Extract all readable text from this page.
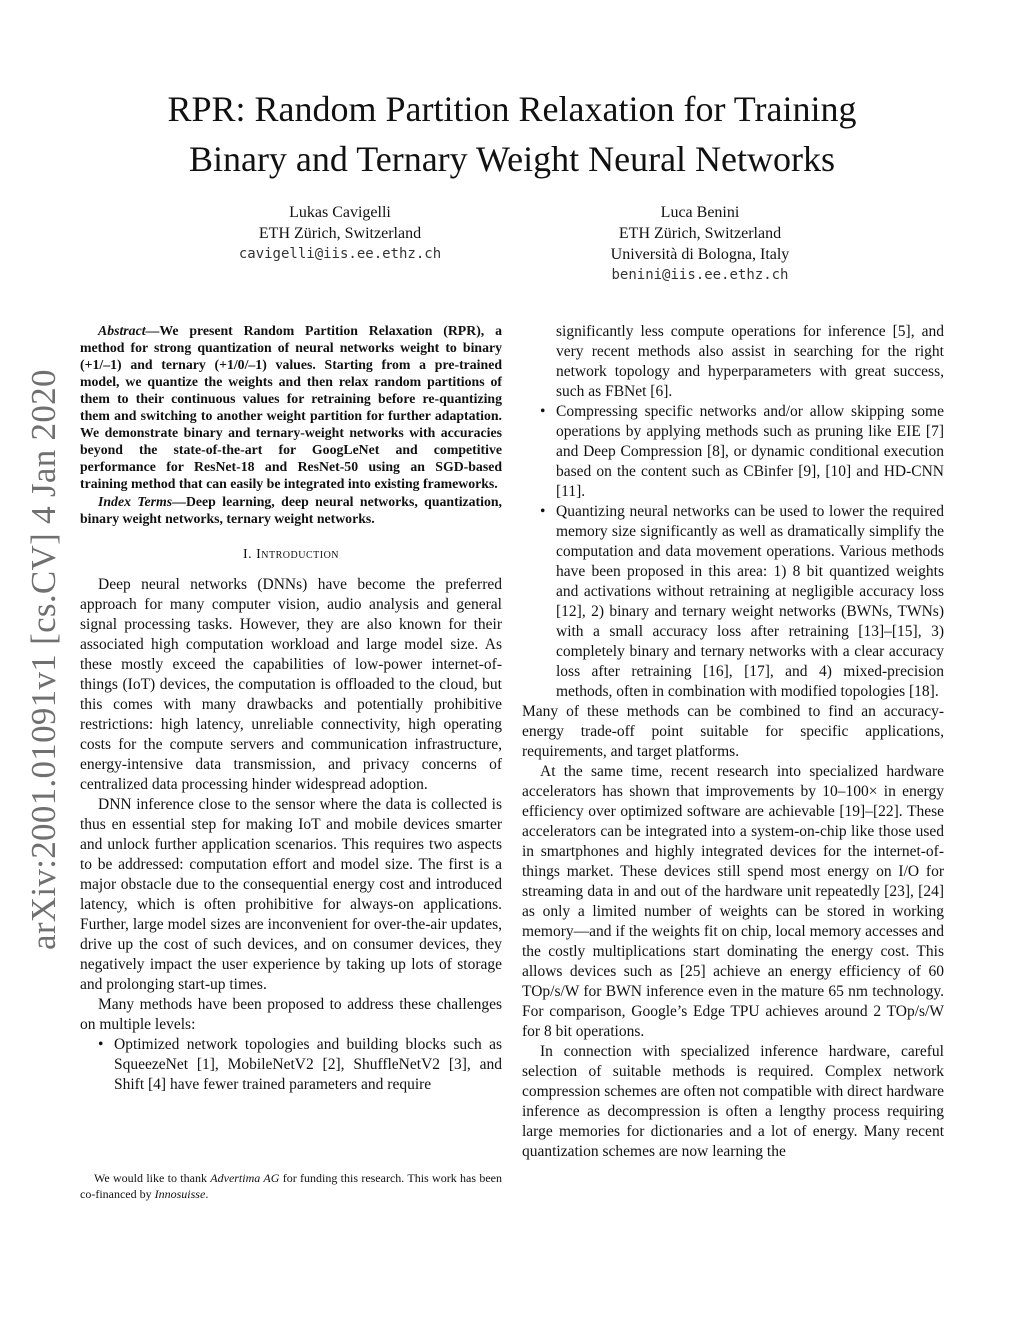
RPR: Random Partition Relaxation for Training
Binary and Ternary Weight Neural Networks
Lukas Cavigelli
ETH Zürich, Switzerland
cavigelli@iis.ee.ethz.ch
Luca Benini
ETH Zürich, Switzerland
Università di Bologna, Italy
benini@iis.ee.ethz.ch
arXiv:2001.01091v1 [cs.CV] 4 Jan 2020

Abstract—We present Random Partition Relaxation (RPR), a method for strong quantization of neural networks weight to binary (+1/–1) and ternary (+1/0/–1) values. Starting from a pre-trained model, we quantize the weights and then relax random partitions of them to their continuous values for retraining before re-quantizing them and switching to another weight partition for further adaptation. We demonstrate binary and ternary-weight networks with accuracies beyond the state-of-the-art for GoogLeNet and competitive performance for ResNet-18 and ResNet-50 using an SGD-based training method that can easily be integrated into existing frameworks.

Index Terms—Deep learning, deep neural networks, quantization, binary weight networks, ternary weight networks.

I. Introduction

Deep neural networks (DNNs) have become the preferred approach for many computer vision, audio analysis and general signal processing tasks. However, they are also known for their associated high computation workload and large model size. As these mostly exceed the capabilities of low-power internet-of-things (IoT) devices, the computation is offloaded to the cloud, but this comes with many drawbacks and potentially prohibitive restrictions: high latency, unreliable connectivity, high operating costs for the compute servers and communication infrastructure, energy-intensive data transmission, and privacy concerns of centralized data processing hinder widespread adoption.

DNN inference close to the sensor where the data is collected is thus en essential step for making IoT and mobile devices smarter and unlock further application scenarios. This requires two aspects to be addressed: computation effort and model size. The first is a major obstacle due to the consequential energy cost and introduced latency, which is often prohibitive for always-on applications. Further, large model sizes are inconvenient for over-the-air updates, drive up the cost of such devices, and on consumer devices, they negatively impact the user experience by taking up lots of storage and prolonging start-up times.

Many methods have been proposed to address these challenges on multiple levels:

• Optimized network topologies and building blocks such as SqueezeNet [1], MobileNetV2 [2], ShuffleNetV2 [3], and Shift [4] have fewer trained parameters and require
We would like to thank Advertima AG for funding this research. This work has been co-financed by Innosuisse.
significantly less compute operations for inference [5], and very recent methods also assist in searching for the right network topology and hyperparameters with great success, such as FBNet [6].
• Compressing specific networks and/or allow skipping some operations by applying methods such as pruning like EIE [7] and Deep Compression [8], or dynamic conditional execution based on the content such as CBinfer [9], [10] and HD-CNN [11].
• Quantizing neural networks can be used to lower the required memory size significantly as well as dramatically simplify the computation and data movement operations. Various methods have been proposed in this area: 1) 8 bit quantized weights and activations without retraining at negligible accuracy loss [12], 2) binary and ternary weight networks (BWNs, TWNs) with a small accuracy loss after retraining [13]–[15], 3) completely binary and ternary networks with a clear accuracy loss after retraining [16], [17], and 4) mixed-precision methods, often in combination with modified topologies [18].

Many of these methods can be combined to find an accuracy-energy trade-off point suitable for specific applications, requirements, and target platforms.

At the same time, recent research into specialized hardware accelerators has shown that improvements by 10–100× in energy efficiency over optimized software are achievable [19]–[22]. These accelerators can be integrated into a system-on-chip like those used in smartphones and highly integrated devices for the internet-of-things market. These devices still spend most energy on I/O for streaming data in and out of the hardware unit repeatedly [23], [24] as only a limited number of weights can be stored in working memory—and if the weights fit on chip, local memory accesses and the costly multiplications start dominating the energy cost. This allows devices such as [25] achieve an energy efficiency of 60 TOp/s/W for BWN inference even in the mature 65 nm technology. For comparison, Google’s Edge TPU achieves around 2 TOp/s/W for 8 bit operations.

In connection with specialized inference hardware, careful selection of suitable methods is required. Complex network compression schemes are often not compatible with direct hardware inference as decompression is often a lengthy process requiring large memories for dictionaries and a lot of energy. Many recent quantization schemes are now learning the
